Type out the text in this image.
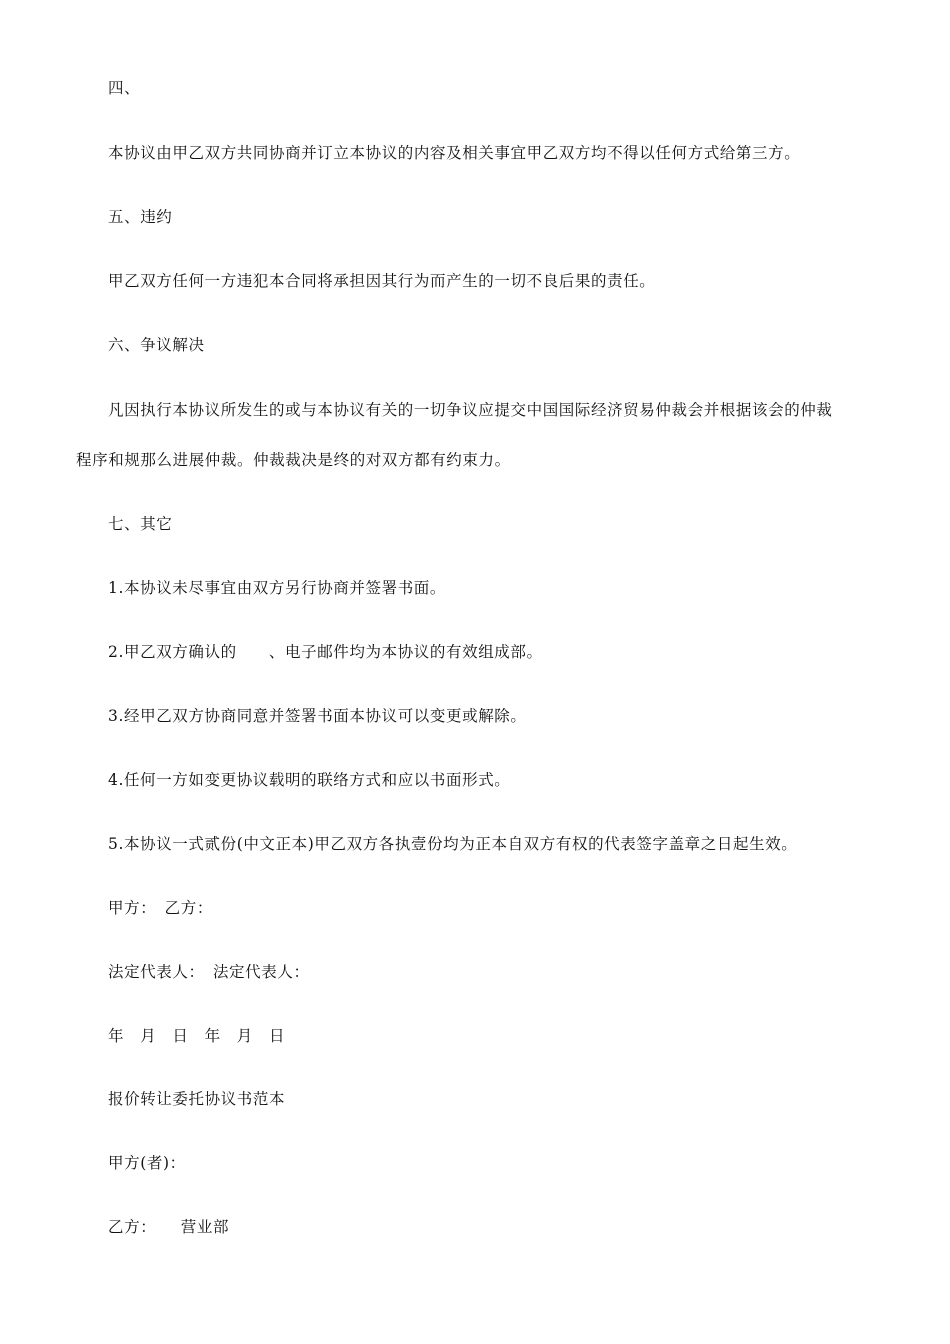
四、
本协议由甲乙双方共同协商并订立本协议的内容及相关事宜甲乙双方均不得以任何方式给第三方。
五、违约
甲乙双方任何一方违犯本合同将承担因其行为而产生的一切不良后果的责任。
六、争议解决
凡因执行本协议所发生的或与本协议有关的一切争议应提交中国国际经济贸易仲裁会并根据该会的仲裁
程序和规那么进展仲裁。仲裁裁决是终的对双方都有约束力。
七、其它
1.本协议未尽事宜由双方另行协商并签署书面。
2.甲乙双方确认的　　、电子邮件均为本协议的有效组成部。
3.经甲乙双方协商同意并签署书面本协议可以变更或解除。
4.任何一方如变更协议载明的联络方式和应以书面形式。
5.本协议一式贰份(中文正本)甲乙双方各执壹份均为正本自双方有权的代表签字盖章之日起生效。
甲方：　乙方：
法定代表人：　法定代表人：
年　月　日　年　月　日
报价转让委托协议书范本
甲方(者)：
乙方：　　营业部
